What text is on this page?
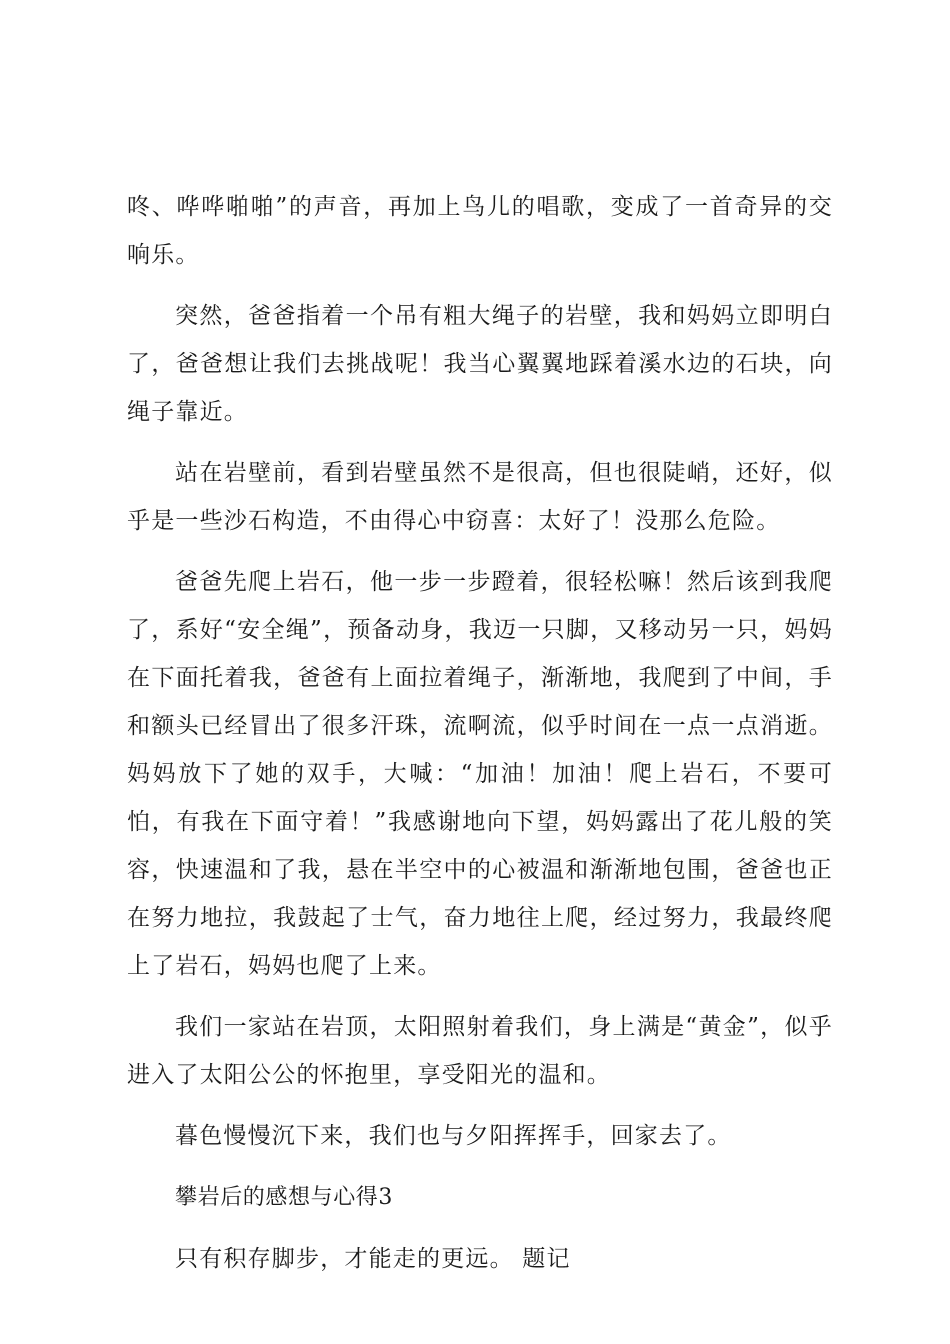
咚、哗哗啪啪”的声音，再加上鸟儿的唱歌，变成了一首奇异的交响乐。

突然，爸爸指着一个吊有粗大绳子的岩壁，我和妈妈立即明白了，爸爸想让我们去挑战呢！我当心翼翼地踩着溪水边的石块，向绳子靠近。

站在岩壁前，看到岩壁虽然不是很高，但也很陡峭，还好，似乎是一些沙石构造，不由得心中窃喜：太好了！没那么危险。

爸爸先爬上岩石，他一步一步蹬着，很轻松嘛！然后该到我爬了，系好“安全绳”，预备动身，我迈一只脚，又移动另一只，妈妈在下面托着我，爸爸有上面拉着绳子，渐渐地，我爬到了中间，手和额头已经冒出了很多汗珠，流啊流，似乎时间在一点一点消逝。妈妈放下了她的双手，大喊：“加油！加油！爬上岩石，不要可怕，有我在下面守着！”我感谢地向下望，妈妈露出了花儿般的笑容，快速温和了我，悬在半空中的心被温和渐渐地包围，爸爸也正在努力地拉，我鼓起了士气，奋力地往上爬，经过努力，我最终爬上了岩石，妈妈也爬了上来。

我们一家站在岩顶，太阳照射着我们，身上满是“黄金”，似乎进入了太阳公公的怀抱里，享受阳光的温和。

暮色慢慢沉下来，我们也与夕阳挥挥手，回家去了。

攀岩后的感想与心得3

只有积存脚步，才能走的更远。 题记
